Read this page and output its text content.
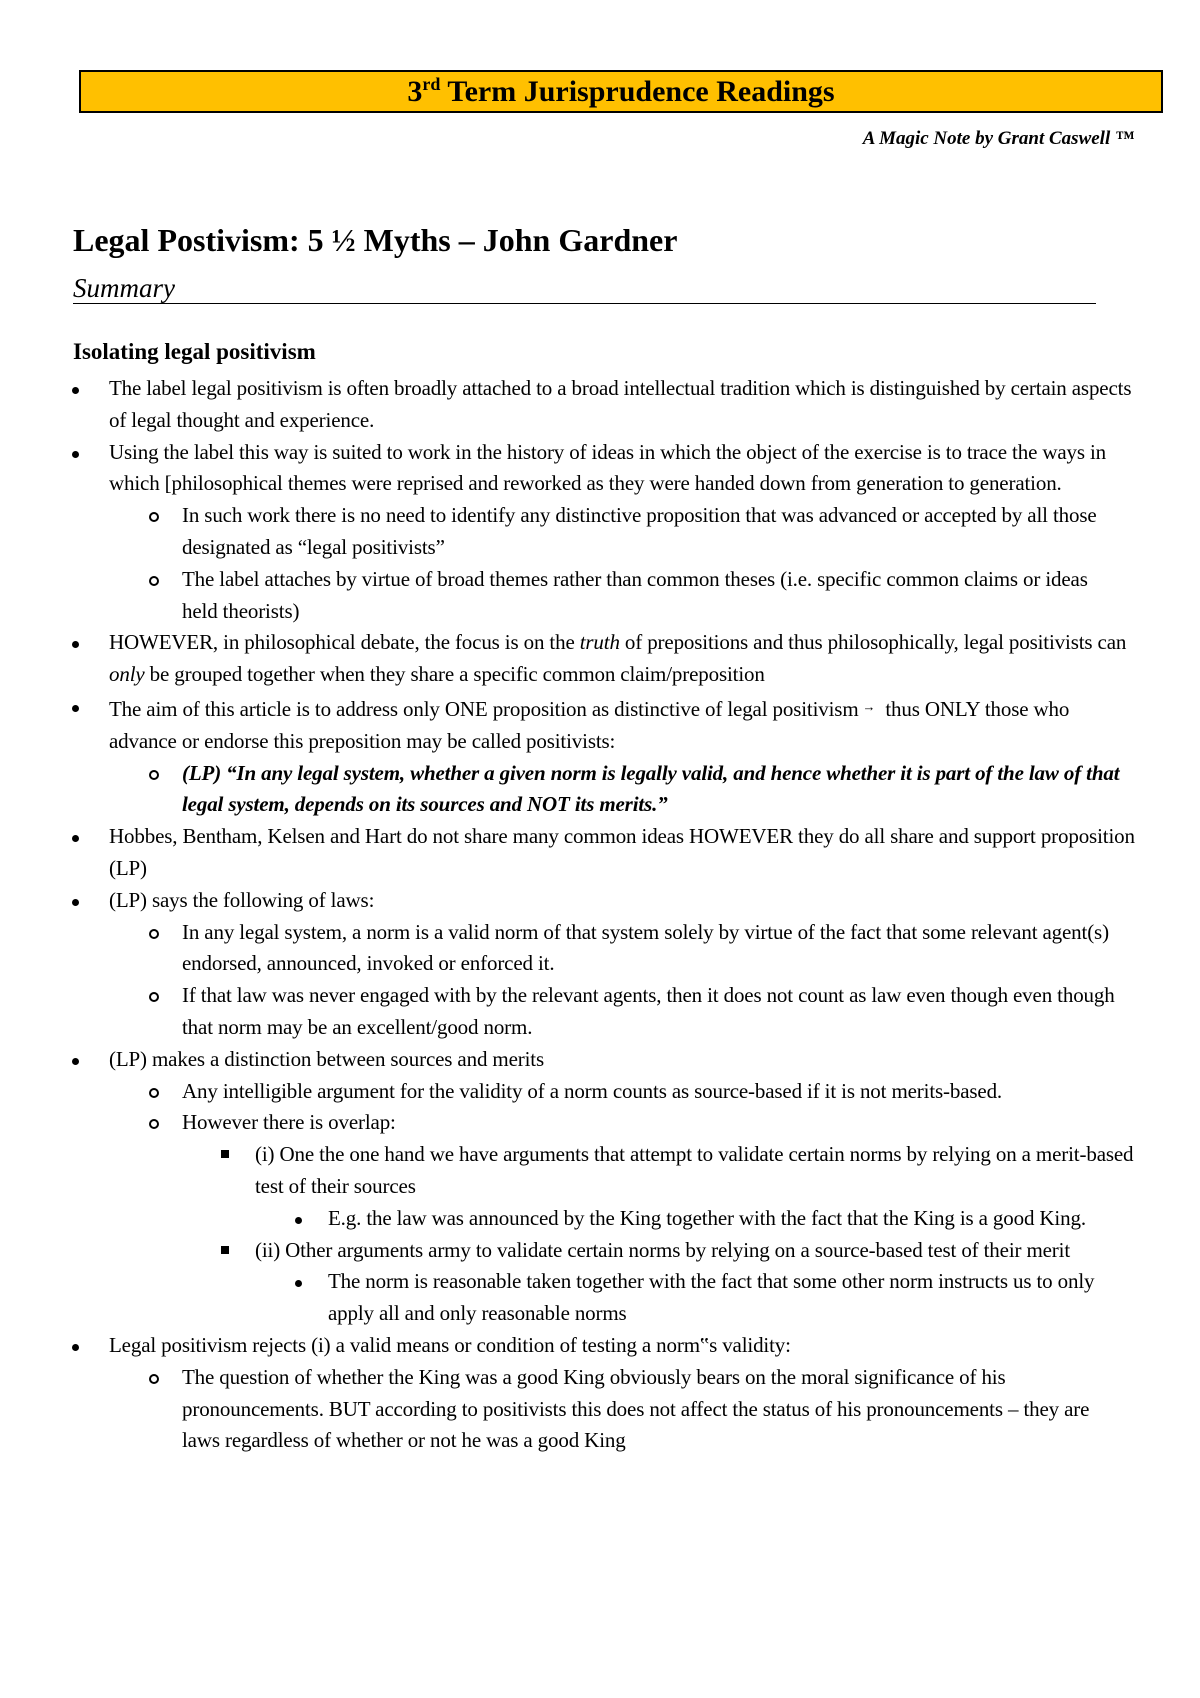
3rd Term Jurisprudence Readings
A Magic Note by Grant Caswell ™
Legal Postivism: 5 ½ Myths – John Gardner
Summary
Isolating legal positivism
The label legal positivism is often broadly attached to a broad intellectual tradition which is distinguished by certain aspects of legal thought and experience.
Using the label this way is suited to work in the history of ideas in which the object of the exercise is to trace the ways in which [philosophical themes were reprised and reworked as they were handed down from generation to generation.
In such work there is no need to identify any distinctive proposition that was advanced or accepted by all those designated as “legal positivists”
The label attaches by virtue of broad themes rather than common theses (i.e. specific common claims or ideas held theorists)
HOWEVER, in philosophical debate, the focus is on the truth of prepositions and thus philosophically, legal positivists can only be grouped together when they share a specific common claim/preposition
The aim of this article is to address only ONE proposition as distinctive of legal positivism → thus ONLY those who advance or endorse this preposition may be called positivists:
(LP) “In any legal system, whether a given norm is legally valid, and hence whether it is part of the law of that legal system, depends on its sources and NOT its merits.”
Hobbes, Bentham, Kelsen and Hart do not share many common ideas HOWEVER they do all share and support proposition (LP)
(LP) says the following of laws:
In any legal system, a norm is a valid norm of that system solely by virtue of the fact that some relevant agent(s) endorsed, announced, invoked or enforced it.
If that law was never engaged with by the relevant agents, then it does not count as law even though even though that norm may be an excellent/good norm.
(LP) makes a distinction between sources and merits
Any intelligible argument for the validity of a norm counts as source-based if it is not merits-based.
However there is overlap:
(i) One the one hand we have arguments that attempt to validate certain norms by relying on a merit-based test of their sources
E.g. the law was announced by the King together with the fact that the King is a good King.
(ii) Other arguments army to validate certain norms by relying on a source-based test of their merit
The norm is reasonable taken together with the fact that some other norm instructs us to only apply all and only reasonable norms
Legal positivism rejects (i) a valid means or condition of testing a norm‟s validity:
The question of whether the King was a good King obviously bears on the moral significance of his pronouncements. BUT according to positivists this does not affect the status of his pronouncements – they are laws regardless of whether or not he was a good King
